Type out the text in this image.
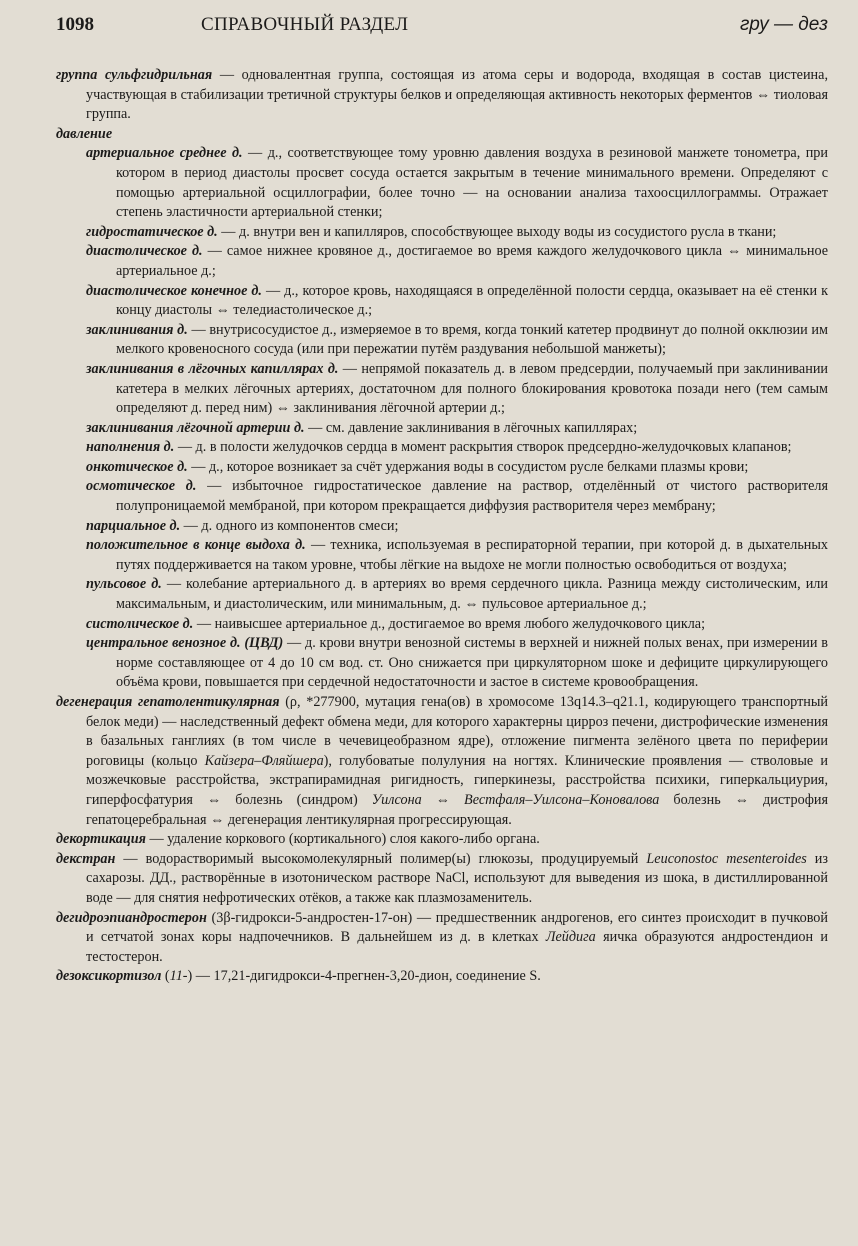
1098	СПРАВОЧНЫЙ РАЗДЕЛ	гру — дез

группа сульфгидрильная — одновалентная группа, состоящая из атома серы и водорода, входящая в состав цистеина, участвующая в стабилизации третичной структуры белков и определяющая активность некоторых ферментов ⇔ тиоловая группа.

давление

артериальное среднее д. — д., соответствующее тому уровню давления воздуха в резиновой манжете тонометра, при котором в период диастолы просвет сосуда остается закрытым в течение минимального времени. Определяют с помощью артериальной осциллографии, более точно — на основании анализа тахоосциллограммы. Отражает степень эластичности артериальной стенки;

гидростатическое д. — д. внутри вен и капилляров, способствующее выходу воды из сосудистого русла в ткани;

диастолическое д. — самое нижнее кровяное д., достигаемое во время каждого желудочкового цикла ⇔ минимальное артериальное д.;

диастолическое конечное д. — д., которое кровь, находящаяся в определённой полости сердца, оказывает на её стенки к концу диастолы ⇔ теледиастолическое д.;

заклинивания д. — внутрисосудистое д., измеряемое в то время, когда тонкий катетер продвинут до полной окклюзии им мелкого кровеносного сосуда (или при пережатии путём раздувания небольшой манжеты);

заклинивания в лёгочных капиллярах д. — непрямой показатель д. в левом предсердии, получаемый при заклинивании катетера в мелких лёгочных артериях, достаточном для полного блокирования кровотока позади него (тем самым определяют д. перед ним) ⇔ заклинивания лёгочной артерии д.;

заклинивания лёгочной артерии д. — см. давление заклинивания в лёгочных капиллярах;

наполнения д. — д. в полости желудочков сердца в момент раскрытия створок предсердно-желудочковых клапанов;

онкотическое д. — д., которое возникает за счёт удержания воды в сосудистом русле белками плазмы крови;

осмотическое д. — избыточное гидростатическое давление на раствор, отделённый от чистого растворителя полупроницаемой мембраной, при котором прекращается диффузия растворителя через мембрану;

парциальное д. — д. одного из компонентов смеси;

положительное в конце выдоха д. — техника, используемая в респираторной терапии, при которой д. в дыхательных путях поддерживается на таком уровне, чтобы лёгкие на выдохе не могли полностью освободиться от воздуха;

пульсовое д. — колебание артериального д. в артериях во время сердечного цикла. Разница между систолическим, или максимальным, и диастолическим, или минимальным, д. ⇔ пульсовое артериальное д.;

систолическое д. — наивысшее артериальное д., достигаемое во время любого желудочкового цикла;

центральное венозное д. (ЦВД) — д. крови внутри венозной системы в верхней и нижней полых венах, при измерении в норме составляющее от 4 до 10 см вод. ст. Оно снижается при циркуляторном шоке и дефиците циркулирующего объёма крови, повышается при сердечной недостаточности и застое в системе кровообращения.

дегенерация гепатолентикулярная (ρ, *277900, мутация гена(ов) в хромосоме 13q14.3–q21.1, кодирующего транспортный белок меди) — наследственный дефект обмена меди, для которого характерны цирроз печени, дистрофические изменения в базальных ганглиях (в том числе в чечевицеобразном ядре), отложение пигмента зелёного цвета по периферии роговицы (кольцо Кайзера–Фляйшера), голубоватые полулуния на ногтях. Клинические проявления — стволовые и мозжечковые расстройства, экстрапирамидная ригидность, гиперкинезы, расстройства психики, гиперкальциурия, гиперфосфатурия ⇔ болезнь (синдром) Уилсона ⇔ Вестфаля–Уилсона–Коновалова болезнь ⇔ дистрофия гепатоцеребральная ⇔ дегенерация лентикулярная прогрессирующая.

декортикация — удаление коркового (кортикального) слоя какого-либо органа.

декстран — водорастворимый высокомолекулярный полимер(ы) глюкозы, продуцируемый Leuconostoc mesenteroides из сахарозы. ДД., растворённые в изотоническом растворе NaCl, используют для выведения из шока, в дистиллированной воде — для снятия нефротических отёков, а также как плазмозаменитель.

дегидроэпиандростерон (3β-гидрокси-5-андростен-17-он) — предшественник андрогенов, его синтез происходит в пучковой и сетчатой зонах коры надпочечников. В дальнейшем из д. в клетках Лейдига яичка образуются андростендион и тестостерон.

дезоксикортизол (11-) — 17,21-дигидрокси-4-прегнен-3,20-дион, соединение S.
